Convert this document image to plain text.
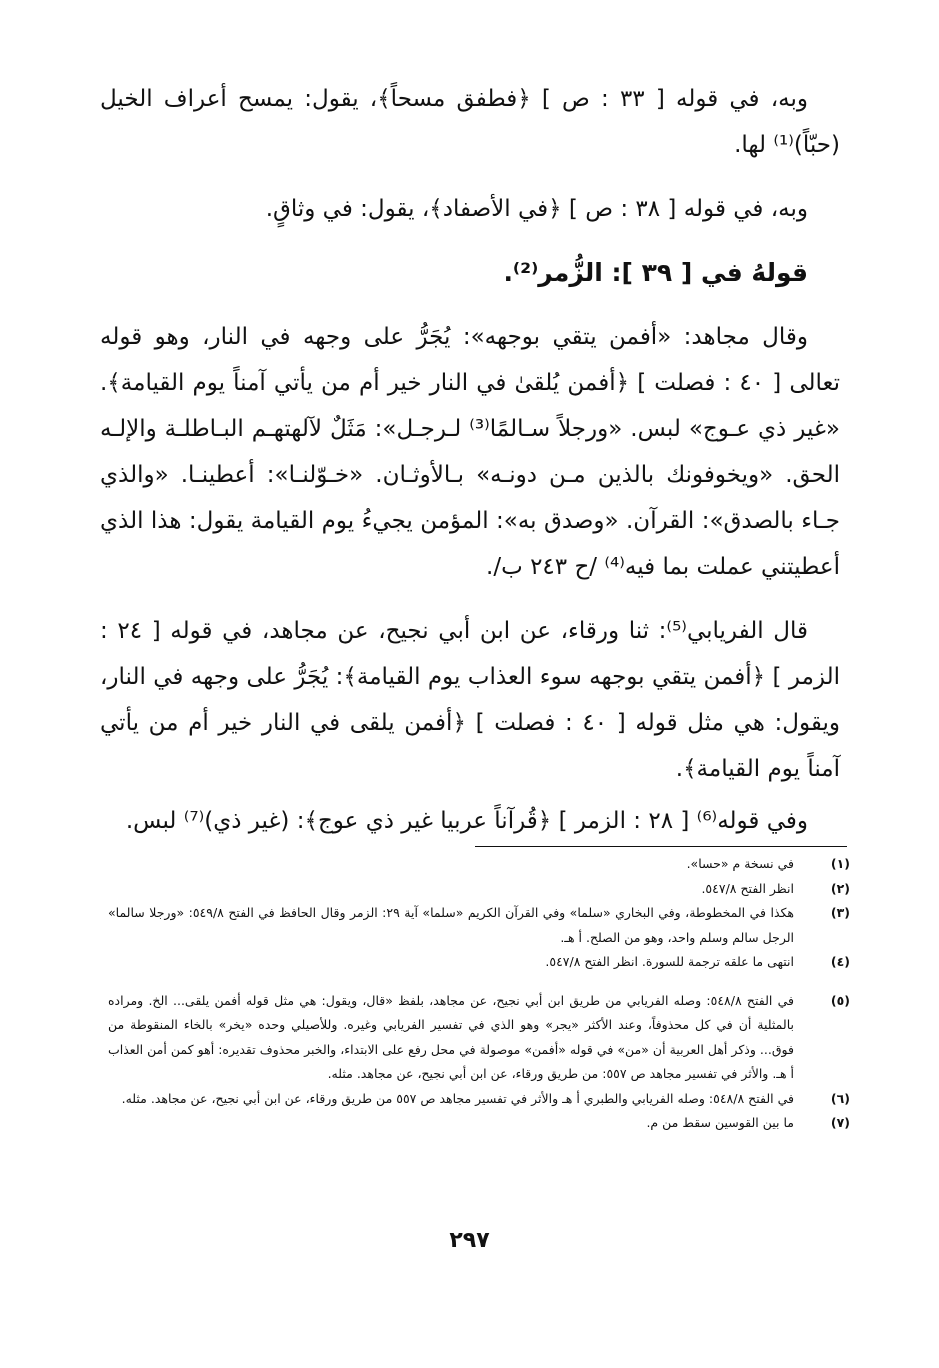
وبه، في قوله [ ٣٣ : ص ] ﴿فطفق مسحاً﴾، يقول: يمسح أعراف الخيل (حبّاً)⁽¹⁾ لها.

وبه، في قوله [ ٣٨ : ص ] ﴿في الأصفاد﴾، يقول: في وثاقٍ.

قولهُ في [ ٣٩ ]: الزُّمر⁽²⁾.

وقال مجاهد: «أفمن يتقي بوجهه»: يُجَرُّ على وجهه في النار، وهو قوله تعالى [ ٤٠ : فصلت ] ﴿أفمن يُلقىٰ في النار خير أم من يأتي آمناً يوم القيامة﴾. «غير ذي عـوج» لبس. «ورجلاً سـالمًا⁽³⁾ لـرجـل»: مَثَلٌ لآلهتهـم البـاطلـة والإلـه الحق. «ويخوفونك بالذين مـن دونـه» بـالأوثـان. «خـوّلنـا»: أعطينـا. «والذي جـاء بالصدق»: القرآن. «وصدق به»: المؤمن يجيءُ يوم القيامة يقول: هذا الذي أعطيتني عملت بما فيه⁽⁴⁾ /ح ٢٤٣ ب/.

قال الفريابي⁽⁵⁾: ثنا ورقاء، عن ابن أبي نجيح، عن مجاهد، في قوله [ ٢٤ : الزمر ] ﴿أفمن يتقي بوجهه سوء العذاب يوم القيامة﴾: يُجَرُّ على وجهه في النار، ويقول: هي مثل قوله [ ٤٠ : فصلت ] ﴿أفمن يلقى في النار خير أم من يأتي آمناً يوم القيامة﴾.

وفي قوله⁽⁶⁾ [ ٢٨ : الزمر ] ﴿قُرآناً عربيا غير ذي عوج﴾: (غير ذي)⁽⁷⁾ لبس.

(١)
في نسخة م «حسا».
(٢)
انظر الفتح ٥٤٧/٨.
(٣)
هكذا في المخطوطة، وفي البخاري «سلما» وفي القرآن الكريم «سلما» آية ٢٩: الزمر وقال الحافظ في الفتح ٥٤٩/٨: «ورجلا سالما» الرجل سالم وسلم واحد، وهو من الصلح. أ هـ.
(٤)
انتهى ما علقه ترجمة للسورة. انظر الفتح ٥٤٧/٨.
(٥)
في الفتح ٥٤٨/٨: وصله الفريابي من طريق ابن أبي نجيح، عن مجاهد، بلفظ «قال، ويقول: هي مثل قوله أفمن يلقى... الخ. ومراده بالمثلية أن في كل محذوفاً، وعند الأكثر «يجر» وهو الذي في تفسير الفريابي وغيره. وللأصيلي وحده «يخر» بالخاء المنقوطة من فوق... وذكر أهل العربية أن «من» في قوله «أفمن» موصولة في محل رفع على الابتداء، والخبر محذوف تقديره: أهو كمن أمن العذاب أ هـ. والأثر في تفسير مجاهد ص ٥٥٧: من طريق ورقاء، عن ابن أبي نجيح، عن مجاهد. مثله.
(٦)
في الفتح ٥٤٨/٨: وصله الفريابي والطبري أ هـ والأثر في تفسير مجاهد ص ٥٥٧ من طريق ورقاء، عن ابن أبي نجيح، عن مجاهد. مثله.
(٧)
ما بين القوسين سقط من م.
٢٩٧
